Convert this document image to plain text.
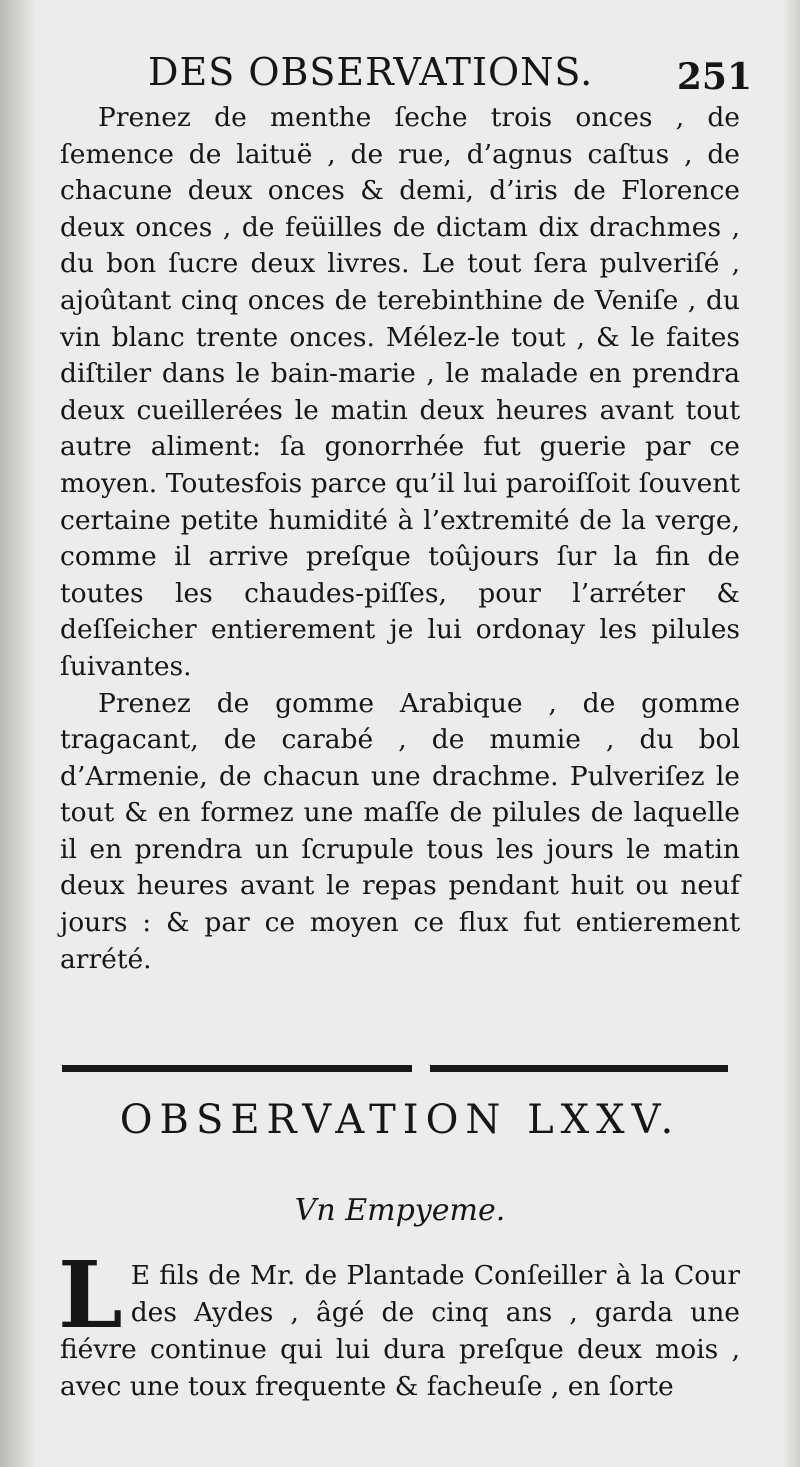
DES OBSERVATIONS. 251

Prenez de menthe ſeche trois onces , de ſemence de laituë , de rue, d’agnus caſtus , de chacune deux onces & demi, d’iris de Florence deux onces , de feüilles de dictam dix drachmes , du bon ſucre deux livres. Le tout ſera pulveriſé , ajoûtant cinq onces de terebinthine de Veniſe , du vin blanc trente onces. Mélez-le tout , & le faites diſtiler dans le bain-marie , le malade en prendra deux cueillerées le matin deux heures avant tout autre aliment: ſa gonorrhée fut guerie par ce moyen. Toutesfois parce qu’il lui paroiſſoit ſouvent certaine petite humidité à l’extremité de la verge, comme il arrive preſque toûjours ſur la fin de toutes les chaudes-piſſes, pour l’arréter & deſſeicher entierement je lui ordonay les pilules ſuivantes.

Prenez de gomme Arabique , de gomme tragacant, de carabé , de mumie , du bol d’Armenie, de chacun une drachme. Pulveriſez le tout & en formez une maſſe de pilules de laquelle il en prendra un ſcrupule tous les jours le matin deux heures avant le repas pendant huit ou neuf jours : & par ce moyen ce flux fut entierement arrété.

OBSERVATION LXXV.
Vn Empyeme.
L E fils de Mr. de Plantade Conſeiller à la Cour des Aydes , âgé de cinq ans , garda une fiévre continue qui lui dura preſque deux mois , avec une toux frequente & facheuſe , en ſorte
